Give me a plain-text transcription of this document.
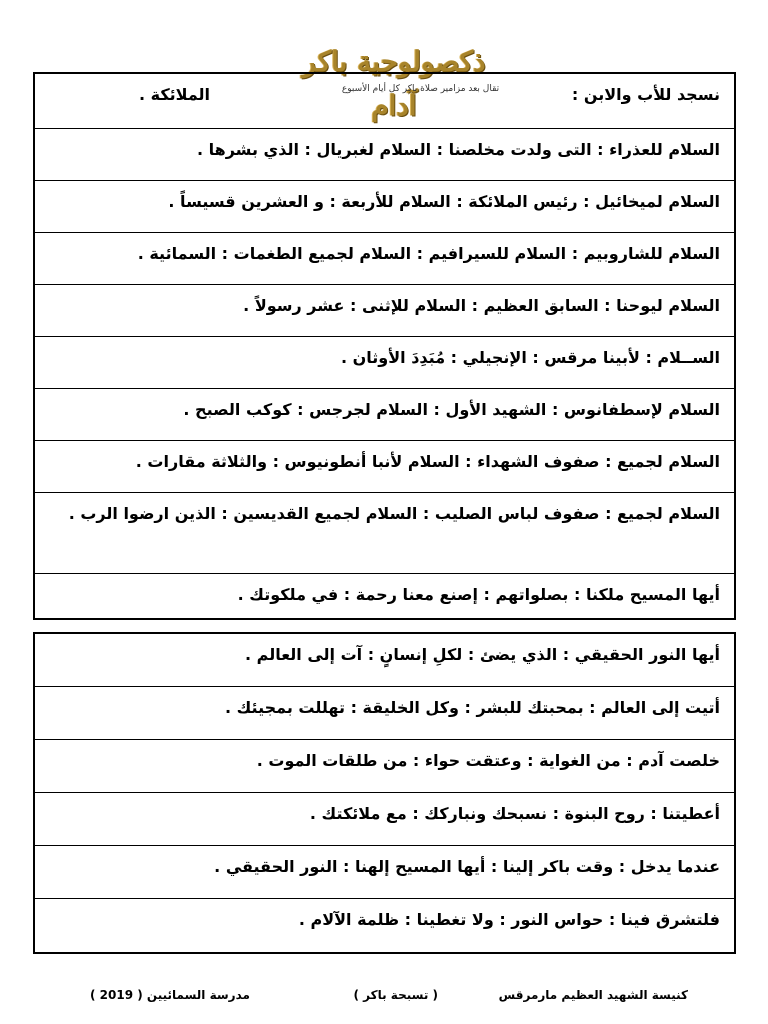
ذكصولوجية باكر آدام
تقال بعد مزامير صلاة باكر كل أيام الأسبوع	نسجد للأب والابن :
الملائكة .
السلام للعذراء : التى ولدت مخلصنا : السلام لغبريال : الذي بشرها .
السلام لميخائيل : رئيس الملائكة : السلام للأربعة : و العشرين قسيساً .
السلام للشاروبيم : السلام للسيرافيم : السلام لجميع الطغمات : السمائية .
السلام ليوحنا : السابق العظيم : السلام للإثنى : عشر رسولاً .
الســلام : لأبينا مرقس : الإنجيلي : مُبَدِدَ الأوثان .
السلام لإسطفانوس : الشهيد الأول : السلام لجرجس : كوكب الصبح .
السلام لجميع : صفوف الشهداء : السلام لأنبا أنطونيوس : والثلاثة مقارات .
السلام لجميع : صفوف لباس الصليب : السلام لجميع القديسين : الذين ارضوا الرب .
أيها المسيح ملكنا : بصلواتهم : إصنع معنا رحمة : في ملكوتك .
أيها النور الحقيقي : الذي يضئ : لكلِ إنسانٍ : آت إلى العالم .
أتيت إلى العالم : بمحبتك للبشر : وكل الخليقة : تهللت بمجيئك .
خلصت آدم : من الغواية : وعتقت حواء : من طلقات الموت .
أعطيتنا : روح البنوة : نسبحك ونباركك : مع ملائكتك .
عندما يدخل : وقت باكر إلينا : أيها المسيح إلهنا : النور الحقيقي .
فلتشرق فينا : حواس النور : ولا تغطينا : ظلمة الآلام .
كنيسة الشهيد العظيم مارمرقس
( تسبحة باكر )
مدرسة السمائيين ( 2019 )
